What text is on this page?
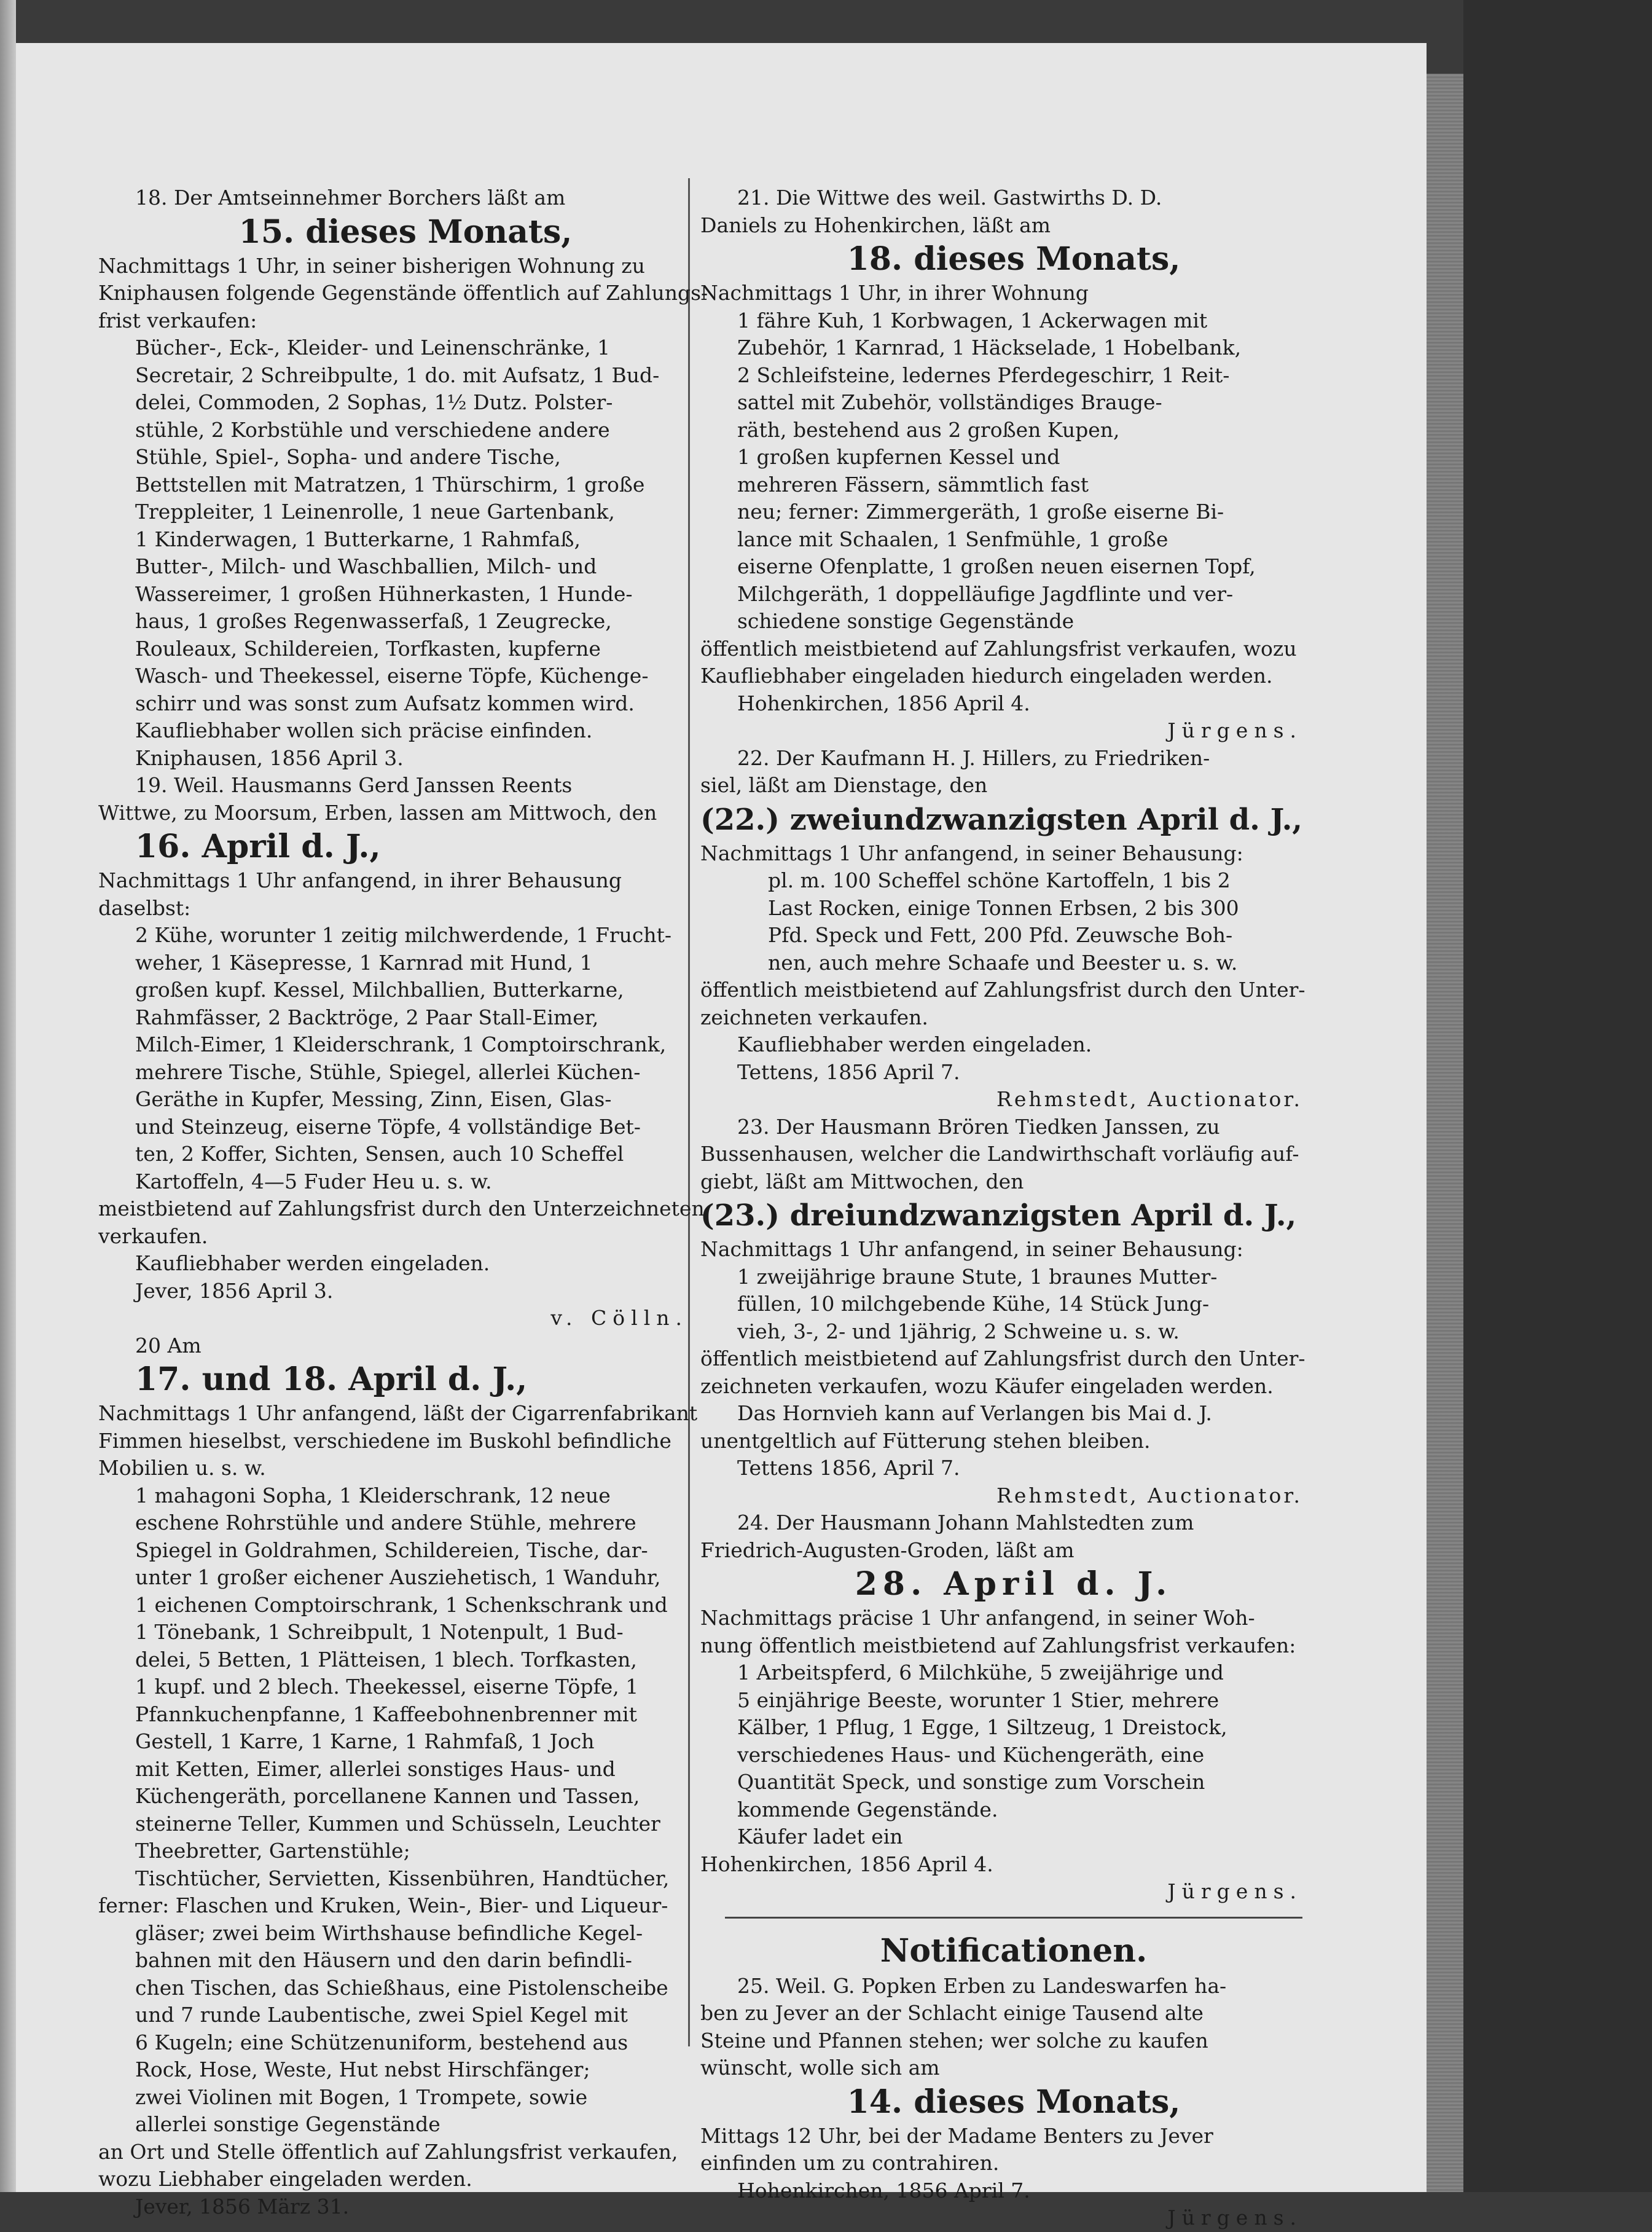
18. Der Amtseinnehmer Borchers läßt am
15. dieses Monats,
Nachmittags 1 Uhr, in seiner bisherigen Wohnung zu
Kniphausen folgende Gegenstände öffentlich auf Zahlungs-
frist verkaufen:
Bücher-, Eck-, Kleider- und Leinenschränke, 1
Secretair, 2 Schreibpulte, 1 do. mit Aufsatz, 1 Bud-
delei, Commoden, 2 Sophas, 1½ Dutz. Polster-
stühle, 2 Korbstühle und verschiedene andere
Stühle, Spiel-, Sopha- und andere Tische,
Bettstellen mit Matratzen, 1 Thürschirm, 1 große
Treppleiter, 1 Leinenrolle, 1 neue Gartenbank,
1 Kinderwagen, 1 Butterkarne, 1 Rahmfaß,
Butter-, Milch- und Waschballien, Milch- und
Wassereimer, 1 großen Hühnerkasten, 1 Hunde-
haus, 1 großes Regenwasserfaß, 1 Zeugrecke,
Rouleaux, Schildereien, Torfkasten, kupferne
Wasch- und Theekessel, eiserne Töpfe, Küchenge-
schirr und was sonst zum Aufsatz kommen wird.
Kaufliebhaber wollen sich präcise einfinden.
Kniphausen, 1856 April 3.
19. Weil. Hausmanns Gerd Janssen Reents
Wittwe, zu Moorsum, Erben, lassen am Mittwoch, den
16. April d. J.,
Nachmittags 1 Uhr anfangend, in ihrer Behausung
daselbst:
2 Kühe, worunter 1 zeitig milchwerdende, 1 Frucht-
weher, 1 Käsepresse, 1 Karnrad mit Hund, 1
großen kupf. Kessel, Milchballien, Butterkarne,
Rahmfässer, 2 Backtröge, 2 Paar Stall-Eimer,
Milch-Eimer, 1 Kleiderschrank, 1 Comptoirschrank,
mehrere Tische, Stühle, Spiegel, allerlei Küchen-
Geräthe in Kupfer, Messing, Zinn, Eisen, Glas-
und Steinzeug, eiserne Töpfe, 4 vollständige Bet-
ten, 2 Koffer, Sichten, Sensen, auch 10 Scheffel
Kartoffeln, 4—5 Fuder Heu u. s. w.
meistbietend auf Zahlungsfrist durch den Unterzeichneten
verkaufen.
Kaufliebhaber werden eingeladen.
Jever, 1856 April 3.
v. Cölln.
20 Am
17. und 18. April d. J.,
Nachmittags 1 Uhr anfangend, läßt der Cigarrenfabrikant
Fimmen hieselbst, verschiedene im Buskohl befindliche
Mobilien u. s. w.
1 mahagoni Sopha, 1 Kleiderschrank, 12 neue
eschene Rohrstühle und andere Stühle, mehrere
Spiegel in Goldrahmen, Schildereien, Tische, dar-
unter 1 großer eichener Ausziehetisch, 1 Wanduhr,
1 eichenen Comptoirschrank, 1 Schenkschrank und
1 Tönebank, 1 Schreibpult, 1 Notenpult, 1 Bud-
delei, 5 Betten, 1 Plätteisen, 1 blech. Torfkasten,
1 kupf. und 2 blech. Theekessel, eiserne Töpfe, 1
Pfannkuchenpfanne, 1 Kaffeebohnenbrenner mit
Gestell, 1 Karre, 1 Karne, 1 Rahmfaß, 1 Joch
mit Ketten, Eimer, allerlei sonstiges Haus- und
Küchengeräth, porcellanene Kannen und Tassen,
steinerne Teller, Kummen und Schüsseln, Leuchter
Theebretter, Gartenstühle;
Tischtücher, Servietten, Kissenbühren, Handtücher,
ferner: Flaschen und Kruken, Wein-, Bier- und Liqueur-
gläser; zwei beim Wirthshause befindliche Kegel-
bahnen mit den Häusern und den darin befindli-
chen Tischen, das Schießhaus, eine Pistolenscheibe
und 7 runde Laubentische, zwei Spiel Kegel mit
6 Kugeln; eine Schützenuniform, bestehend aus
Rock, Hose, Weste, Hut nebst Hirschfänger;
zwei Violinen mit Bogen, 1 Trompete, sowie
allerlei sonstige Gegenstände
an Ort und Stelle öffentlich auf Zahlungsfrist verkaufen,
wozu Liebhaber eingeladen werden.
Jever, 1856 März 31.
21. Die Wittwe des weil. Gastwirths D. D.
Daniels zu Hohenkirchen, läßt am
18. dieses Monats,
Nachmittags 1 Uhr, in ihrer Wohnung
1 fähre Kuh, 1 Korbwagen, 1 Ackerwagen mit
Zubehör, 1 Karnrad, 1 Häckselade, 1 Hobelbank,
2 Schleifsteine, ledernes Pferdegeschirr, 1 Reit-
sattel mit Zubehör, vollständiges Brauge-
räth, bestehend aus 2 großen Kupen,
1 großen kupfernen Kessel und
mehreren Fässern, sämmtlich fast
neu; ferner: Zimmergeräth, 1 große eiserne Bi-
lance mit Schaalen, 1 Senfmühle, 1 große
eiserne Ofenplatte, 1 großen neuen eisernen Topf,
Milchgeräth, 1 doppelläufige Jagdflinte und ver-
schiedene sonstige Gegenstände
öffentlich meistbietend auf Zahlungsfrist verkaufen, wozu
Kaufliebhaber eingeladen hiedurch eingeladen werden.
Hohenkirchen, 1856 April 4.
Jürgens.
22. Der Kaufmann H. J. Hillers, zu Friedriken-
siel, läßt am Dienstage, den
(22.) zweiundzwanzigsten April d. J.,
Nachmittags 1 Uhr anfangend, in seiner Behausung:
pl. m. 100 Scheffel schöne Kartoffeln, 1 bis 2
Last Rocken, einige Tonnen Erbsen, 2 bis 300
Pfd. Speck und Fett, 200 Pfd. Zeuwsche Boh-
nen, auch mehre Schaafe und Beester u. s. w.
öffentlich meistbietend auf Zahlungsfrist durch den Unter-
zeichneten verkaufen.
Kaufliebhaber werden eingeladen.
Tettens, 1856 April 7.
Rehmstedt, Auctionator.
23. Der Hausmann Brören Tiedken Janssen, zu
Bussenhausen, welcher die Landwirthschaft vorläufig auf-
giebt, läßt am Mittwochen, den
(23.) dreiundzwanzigsten April d. J.,
Nachmittags 1 Uhr anfangend, in seiner Behausung:
1 zweijährige braune Stute, 1 braunes Mutter-
füllen, 10 milchgebende Kühe, 14 Stück Jung-
vieh, 3-, 2- und 1jährig, 2 Schweine u. s. w.
öffentlich meistbietend auf Zahlungsfrist durch den Unter-
zeichneten verkaufen, wozu Käufer eingeladen werden.
Das Hornvieh kann auf Verlangen bis Mai d. J.
unentgeltlich auf Fütterung stehen bleiben.
Tettens 1856, April 7.
Rehmstedt, Auctionator.
24. Der Hausmann Johann Mahlstedten zum
Friedrich-Augusten-Groden, läßt am
28. April d. J.
Nachmittags präcise 1 Uhr anfangend, in seiner Woh-
nung öffentlich meistbietend auf Zahlungsfrist verkaufen:
1 Arbeitspferd, 6 Milchkühe, 5 zweijährige und
5 einjährige Beeste, worunter 1 Stier, mehrere
Kälber, 1 Pflug, 1 Egge, 1 Siltzeug, 1 Dreistock,
verschiedenes Haus- und Küchengeräth, eine
Quantität Speck, und sonstige zum Vorschein
kommende Gegenstände.
Käufer ladet ein
Hohenkirchen, 1856 April 4.
Jürgens.
Notificationen.
25. Weil. G. Popken Erben zu Landeswarfen ha-
ben zu Jever an der Schlacht einige Tausend alte
Steine und Pfannen stehen; wer solche zu kaufen
wünscht, wolle sich am
14. dieses Monats,
Mittags 12 Uhr, bei der Madame Benters zu Jever
einfinden um zu contrahiren.
Hohenkirchen, 1856 April 7.
Jürgens.
